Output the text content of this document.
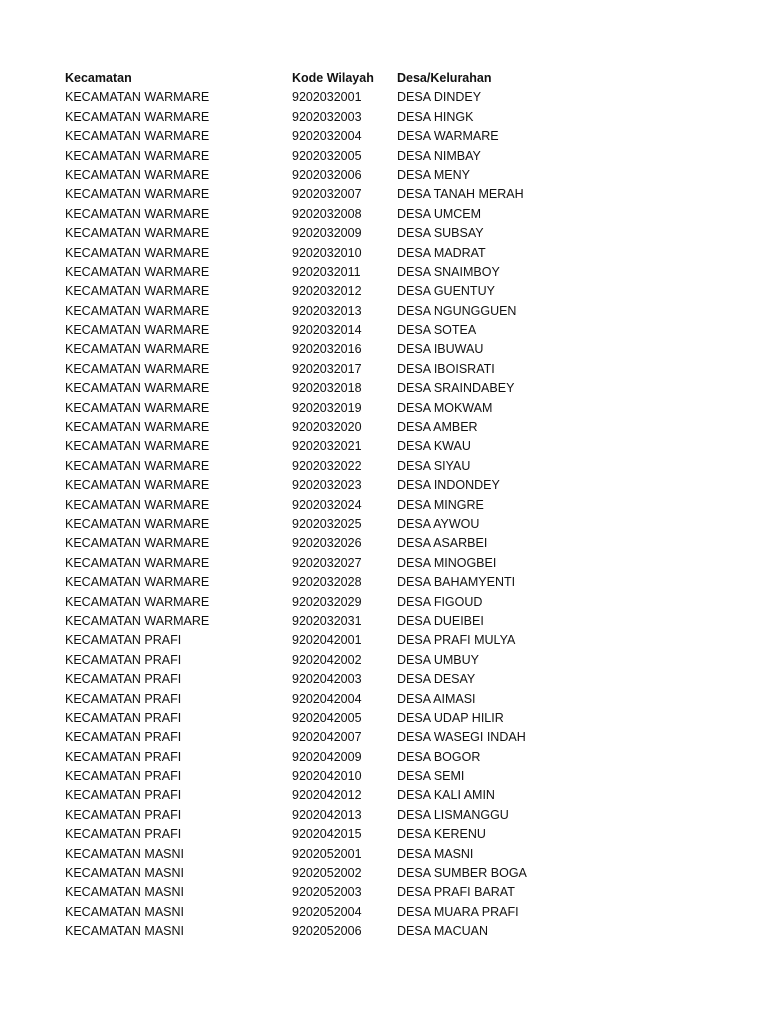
Kecamatan	Kode Wilayah	Desa/Kelurahan
KECAMATAN WARMARE	9202032001	DESA DINDEY
KECAMATAN WARMARE	9202032003	DESA HINGK
KECAMATAN WARMARE	9202032004	DESA WARMARE
KECAMATAN WARMARE	9202032005	DESA NIMBAY
KECAMATAN WARMARE	9202032006	DESA MENY
KECAMATAN WARMARE	9202032007	DESA TANAH MERAH
KECAMATAN WARMARE	9202032008	DESA UMCEM
KECAMATAN WARMARE	9202032009	DESA SUBSAY
KECAMATAN WARMARE	9202032010	DESA MADRAT
KECAMATAN WARMARE	9202032011	DESA SNAIMBOY
KECAMATAN WARMARE	9202032012	DESA GUENTUY
KECAMATAN WARMARE	9202032013	DESA NGUNGGUEN
KECAMATAN WARMARE	9202032014	DESA SOTEA
KECAMATAN WARMARE	9202032016	DESA IBUWAU
KECAMATAN WARMARE	9202032017	DESA IBOISRATI
KECAMATAN WARMARE	9202032018	DESA SRAINDABEY
KECAMATAN WARMARE	9202032019	DESA MOKWAM
KECAMATAN WARMARE	9202032020	DESA AMBER
KECAMATAN WARMARE	9202032021	DESA KWAU
KECAMATAN WARMARE	9202032022	DESA SIYAU
KECAMATAN WARMARE	9202032023	DESA INDONDEY
KECAMATAN WARMARE	9202032024	DESA MINGRE
KECAMATAN WARMARE	9202032025	DESA AYWOU
KECAMATAN WARMARE	9202032026	DESA ASARBEI
KECAMATAN WARMARE	9202032027	DESA MINOGBEI
KECAMATAN WARMARE	9202032028	DESA BAHAMYENTI
KECAMATAN WARMARE	9202032029	DESA FIGOUD
KECAMATAN WARMARE	9202032031	DESA DUEIBEI
KECAMATAN PRAFI	9202042001	DESA PRAFI MULYA
KECAMATAN PRAFI	9202042002	DESA UMBUY
KECAMATAN PRAFI	9202042003	DESA DESAY
KECAMATAN PRAFI	9202042004	DESA AIMASI
KECAMATAN PRAFI	9202042005	DESA UDAP HILIR
KECAMATAN PRAFI	9202042007	DESA WASEGI INDAH
KECAMATAN PRAFI	9202042009	DESA BOGOR
KECAMATAN PRAFI	9202042010	DESA SEMI
KECAMATAN PRAFI	9202042012	DESA KALI AMIN
KECAMATAN PRAFI	9202042013	DESA LISMANGGU
KECAMATAN PRAFI	9202042015	DESA KERENU
KECAMATAN MASNI	9202052001	DESA MASNI
KECAMATAN MASNI	9202052002	DESA SUMBER BOGA
KECAMATAN MASNI	9202052003	DESA PRAFI BARAT
KECAMATAN MASNI	9202052004	DESA MUARA PRAFI
KECAMATAN MASNI	9202052006	DESA MACUAN
